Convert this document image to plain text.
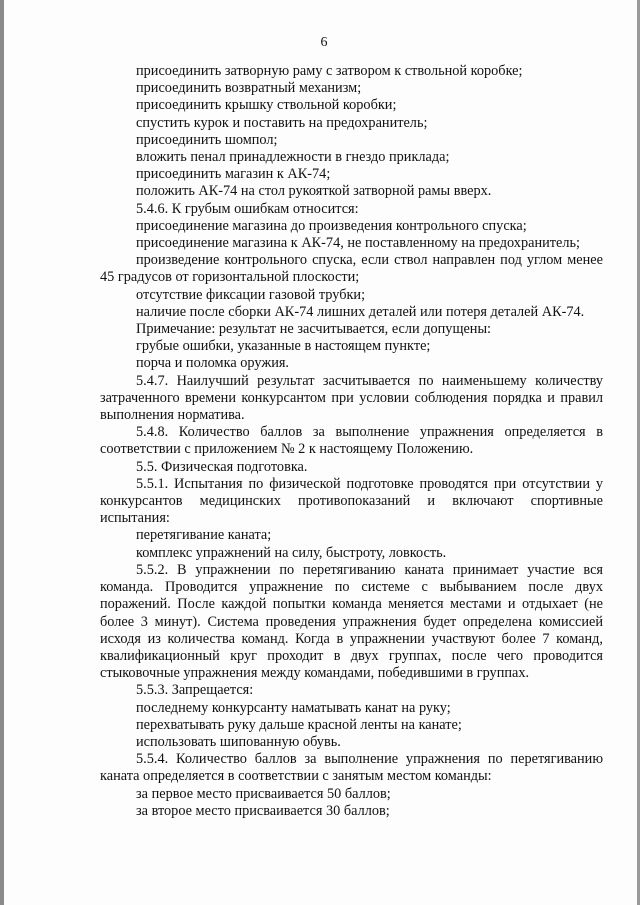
6

присоединить затворную раму с затвором к ствольной коробке;

присоединить возвратный механизм;

присоединить крышку ствольной коробки;

спустить курок и поставить на предохранитель;

присоединить шомпол;

вложить пенал принадлежности в гнездо приклада;

присоединить магазин к АК-74;

положить АК-74 на стол рукояткой затворной рамы вверх.

5.4.6. К грубым ошибкам относится:

присоединение магазина до произведения контрольного спуска;

присоединение магазина к АК-74, не поставленному на предохранитель;

произведение контрольного спуска, если ствол направлен под углом менее 45 градусов от горизонтальной плоскости;

отсутствие фиксации газовой трубки;

наличие после сборки АК-74 лишних деталей или потеря деталей АК-74.

Примечание: результат не засчитывается, если допущены:

грубые ошибки, указанные в настоящем пункте;

порча и поломка оружия.

5.4.7. Наилучший результат засчитывается по наименьшему количеству затраченного времени конкурсантом при условии соблюдения порядка и правил выполнения норматива.

5.4.8. Количество баллов за выполнение упражнения определяется в соответствии с приложением № 2 к настоящему Положению.

5.5. Физическая подготовка.

5.5.1. Испытания по физической подготовке проводятся при отсутствии у конкурсантов медицинских противопоказаний и включают спортивные испытания:

перетягивание каната;

комплекс упражнений на силу, быстроту, ловкость.

5.5.2. В упражнении по перетягиванию каната принимает участие вся команда. Проводится упражнение по системе с выбыванием после двух поражений. После каждой попытки команда меняется местами и отдыхает (не более 3 минут). Система проведения упражнения будет определена комиссией исходя из количества команд. Когда в упражнении участвуют более 7 команд, квалификационный круг проходит в двух группах, после чего проводится стыковочные упражнения между командами, победившими в группах.

5.5.3. Запрещается:

последнему конкурсанту наматывать канат на руку;

перехватывать руку дальше красной ленты на канате;

использовать шипованную обувь.

5.5.4. Количество баллов за выполнение упражнения по перетягиванию каната определяется в соответствии с занятым местом команды:

за первое место присваивается 50 баллов;

за второе место присваивается 30 баллов;
